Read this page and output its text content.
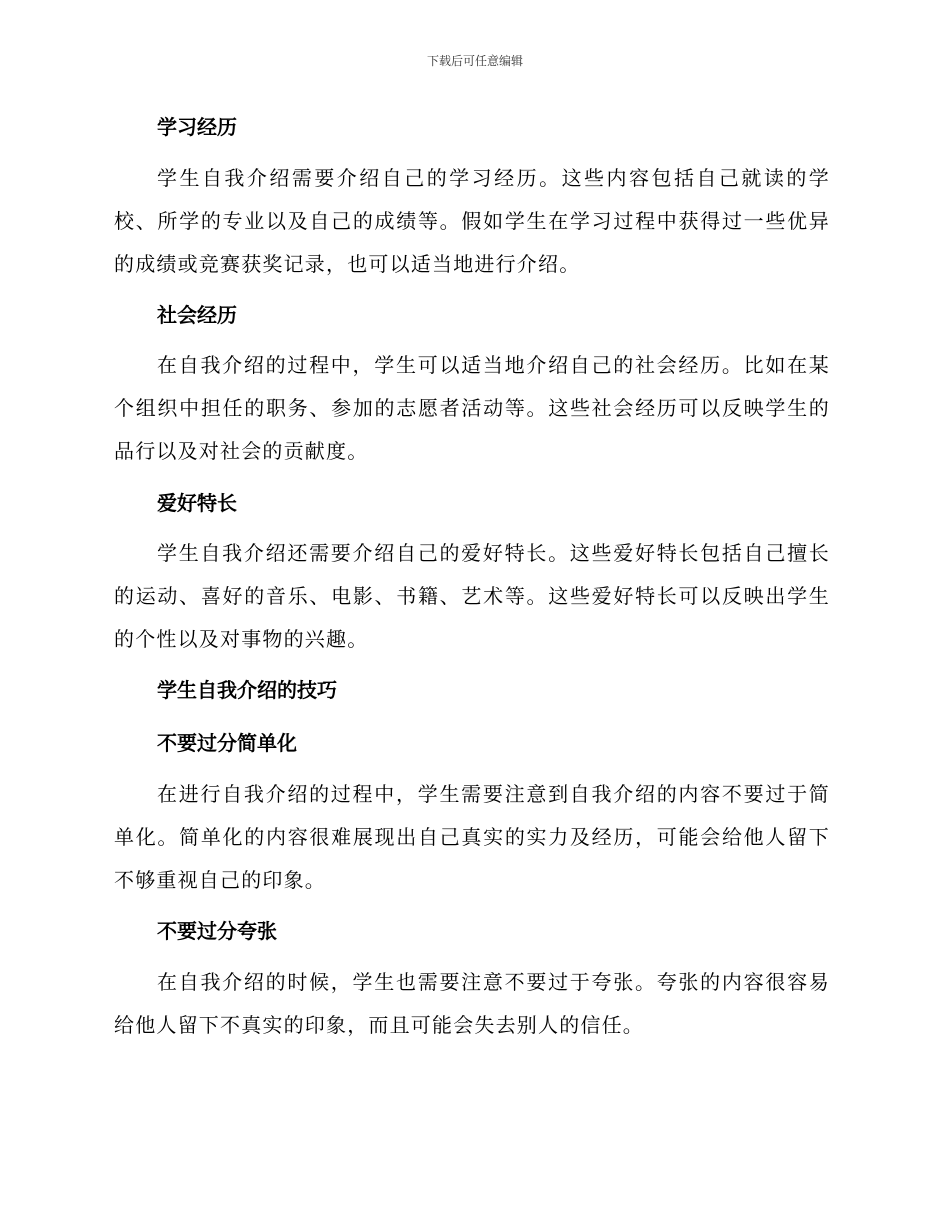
下载后可任意编辑
学习经历

学生自我介绍需要介绍自己的学习经历。这些内容包括自己就读的学校、所学的专业以及自己的成绩等。假如学生在学习过程中获得过一些优异的成绩或竞赛获奖记录，也可以适当地进行介绍。

社会经历

在自我介绍的过程中，学生可以适当地介绍自己的社会经历。比如在某个组织中担任的职务、参加的志愿者活动等。这些社会经历可以反映学生的品行以及对社会的贡献度。

爱好特长

学生自我介绍还需要介绍自己的爱好特长。这些爱好特长包括自己擅长的运动、喜好的音乐、电影、书籍、艺术等。这些爱好特长可以反映出学生的个性以及对事物的兴趣。

学生自我介绍的技巧
不要过分简单化

在进行自我介绍的过程中，学生需要注意到自我介绍的内容不要过于简单化。简单化的内容很难展现出自己真实的实力及经历，可能会给他人留下不够重视自己的印象。

不要过分夸张

在自我介绍的时候，学生也需要注意不要过于夸张。夸张的内容很容易给他人留下不真实的印象，而且可能会失去别人的信任。
